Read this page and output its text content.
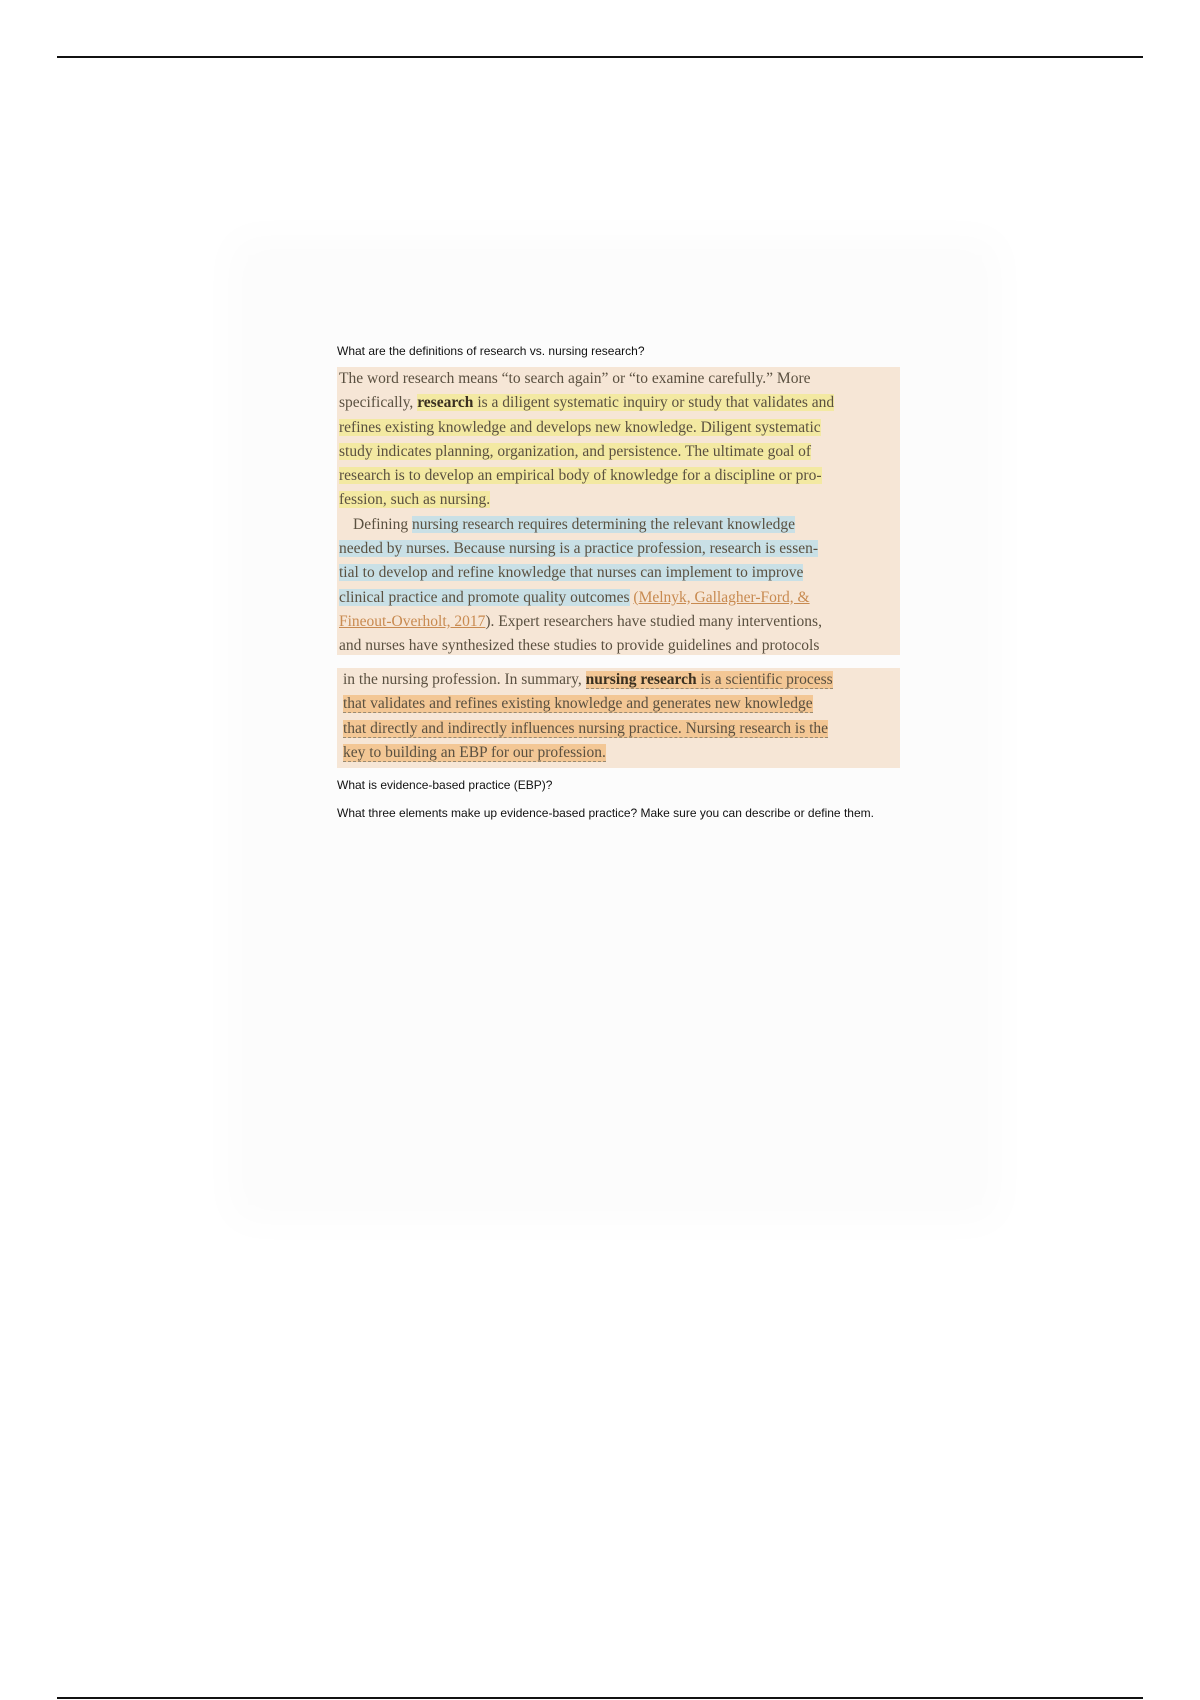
What are the definitions of research vs. nursing research?
The word research means “to search again” or “to examine carefully.” More
specifically, research is a diligent systematic inquiry or study that validates and
refines existing knowledge and develops new knowledge. Diligent systematic
study indicates planning, organization, and persistence. The ultimate goal of
research is to develop an empirical body of knowledge for a discipline or pro-
fession, such as nursing.
Defining nursing research requires determining the relevant knowledge
needed by nurses. Because nursing is a practice profession, research is essen-
tial to develop and refine knowledge that nurses can implement to improve
clinical practice and promote quality outcomes (Melnyk, Gallagher-Ford, &
Fineout-Overholt, 2017). Expert researchers have studied many interventions,
and nurses have synthesized these studies to provide guidelines and protocols
in the nursing profession. In summary, nursing research is a scientific process
that validates and refines existing knowledge and generates new knowledge
that directly and indirectly influences nursing practice. Nursing research is the
key to building an EBP for our profession.
What is evidence-based practice (EBP)?
What three elements make up evidence-based practice? Make sure you can describe or define them.
